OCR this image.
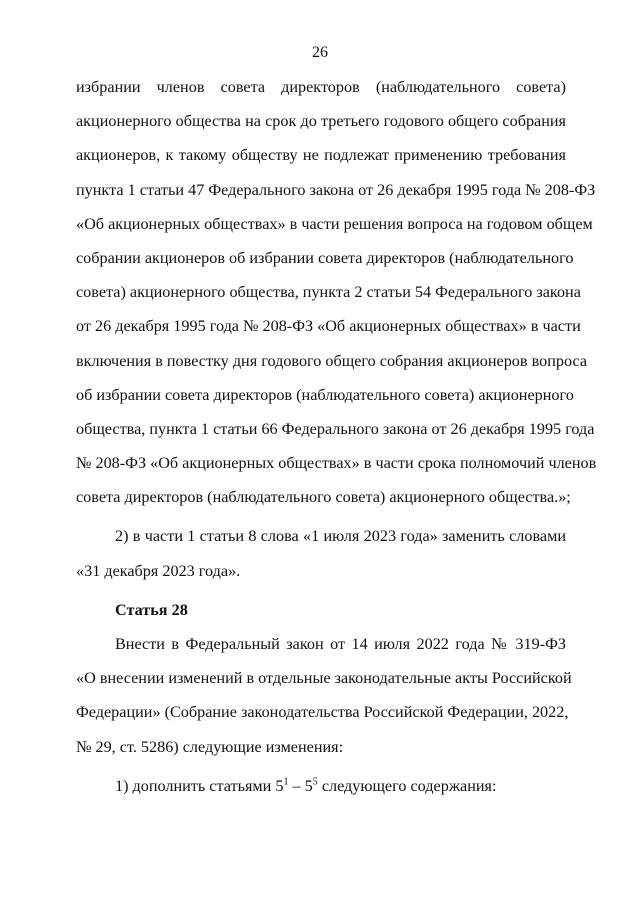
26
избрании членов совета директоров (наблюдательного совета)
акционерного общества на срок до третьего годового общего собрания
акционеров, к такому обществу не подлежат применению требования
пункта 1 статьи 47 Федерального закона от 26 декабря 1995 года № 208-ФЗ
«Об акционерных обществах» в части решения вопроса на годовом общем
собрании акционеров об избрании совета директоров (наблюдательного
совета) акционерного общества, пункта 2 статьи 54 Федерального закона
от 26 декабря 1995 года № 208-ФЗ «Об акционерных обществах» в части
включения в повестку дня годового общего собрания акционеров вопроса
об избрании совета директоров (наблюдательного совета) акционерного
общества, пункта 1 статьи 66 Федерального закона от 26 декабря 1995 года
№ 208-ФЗ «Об акционерных обществах» в части срока полномочий членов
совета директоров (наблюдательного совета) акционерного общества.»;
2) в части 1 статьи 8 слова «1 июля 2023 года» заменить словами
«31 декабря 2023 года».
Статья 28
Внести в Федеральный закон от 14 июля 2022 года № 319-ФЗ
«О внесении изменений в отдельные законодательные акты Российской
Федерации» (Собрание законодательства Российской Федерации, 2022,
№ 29, ст. 5286) следующие изменения:
1) дополнить статьями $5^1 - 5^5$ следующего содержания:
